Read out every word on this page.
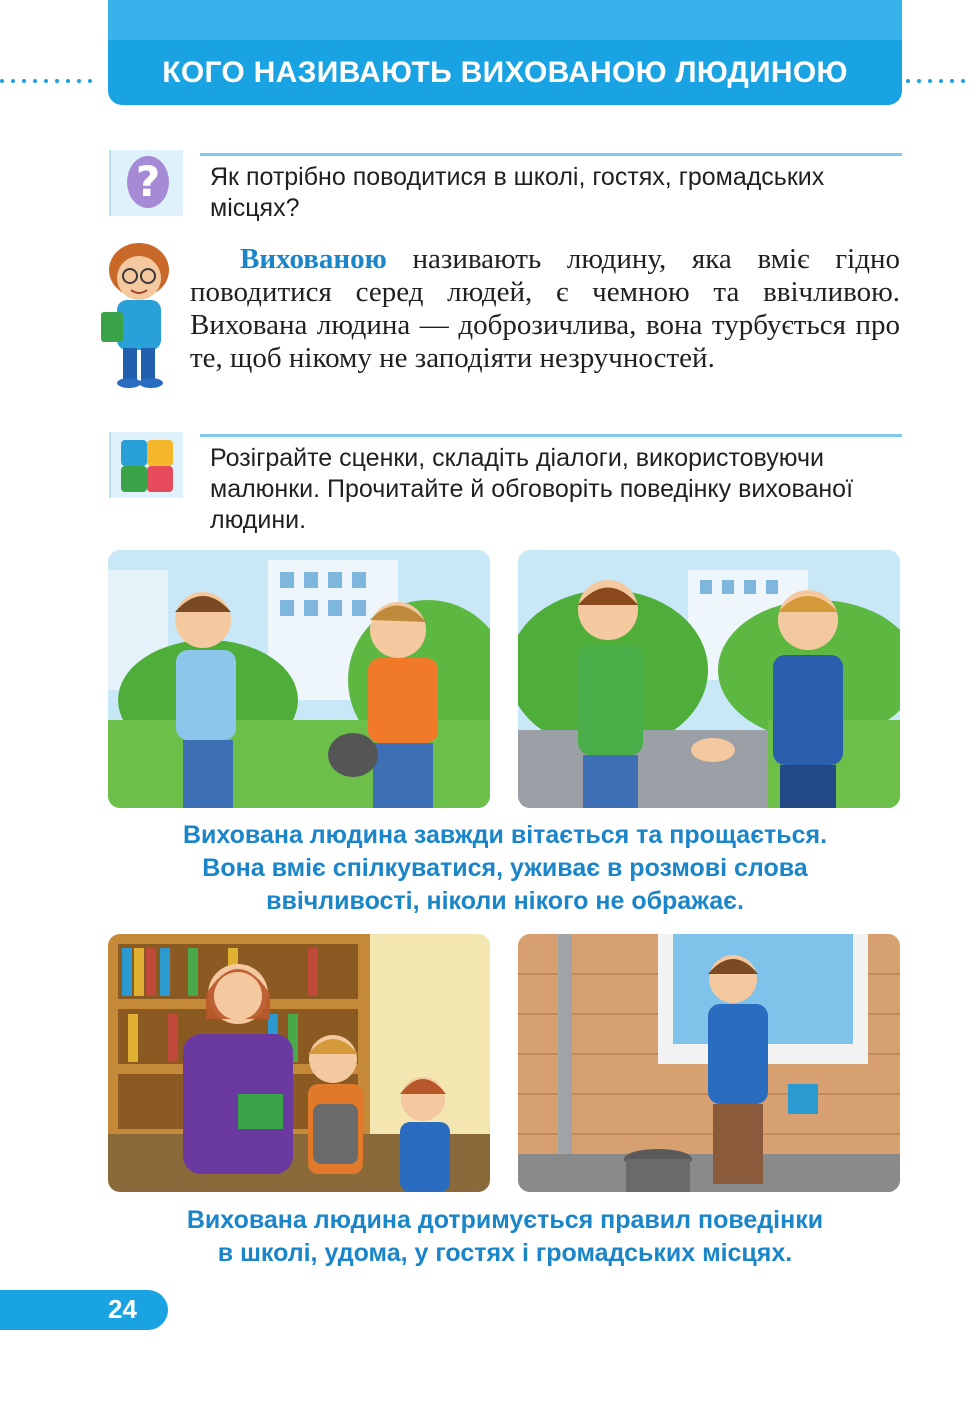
КОГО НАЗИВАЮТЬ ВИХОВАНОЮ ЛЮДИНОЮ
?	Як потрібно поводитися в школі, гостях, громадських місцях?
Вихованою називають людину, яка вміє гідно поводитися серед людей, є чемною та ввічливою. Вихована людина — доброзичлива, вона турбується про те, щоб нікому не заподіяти незручностей.
Розіграйте сценки, складіть діалоги, використовуючи малюнки. Прочитайте й обговоріть поведінку вихованої людини.
Вихована людина завжди вітається та прощається.
Вона вміє спілкуватися, уживає в розмові слова
ввічливості, ніколи нікого не ображає.
Вихована людина дотримується правил поведінки
в школі, удома, у гостях і громадських місцях.
24
